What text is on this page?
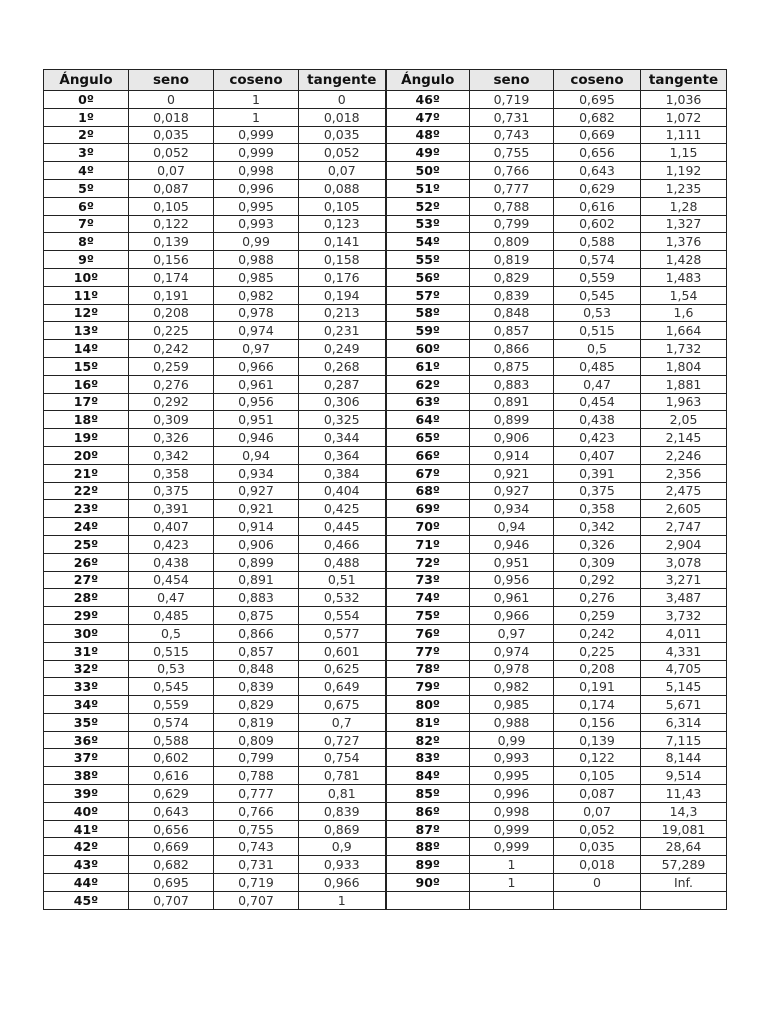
Ángulo	seno	coseno	tangente	Ángulo	seno	coseno	tangente
0º	0	1	0	46º	0,719	0,695	1,036
1º	0,018	1	0,018	47º	0,731	0,682	1,072
2º	0,035	0,999	0,035	48º	0,743	0,669	1,111
3º	0,052	0,999	0,052	49º	0,755	0,656	1,15
4º	0,07	0,998	0,07	50º	0,766	0,643	1,192
5º	0,087	0,996	0,088	51º	0,777	0,629	1,235
6º	0,105	0,995	0,105	52º	0,788	0,616	1,28
7º	0,122	0,993	0,123	53º	0,799	0,602	1,327
8º	0,139	0,99	0,141	54º	0,809	0,588	1,376
9º	0,156	0,988	0,158	55º	0,819	0,574	1,428
10º	0,174	0,985	0,176	56º	0,829	0,559	1,483
11º	0,191	0,982	0,194	57º	0,839	0,545	1,54
12º	0,208	0,978	0,213	58º	0,848	0,53	1,6
13º	0,225	0,974	0,231	59º	0,857	0,515	1,664
14º	0,242	0,97	0,249	60º	0,866	0,5	1,732
15º	0,259	0,966	0,268	61º	0,875	0,485	1,804
16º	0,276	0,961	0,287	62º	0,883	0,47	1,881
17º	0,292	0,956	0,306	63º	0,891	0,454	1,963
18º	0,309	0,951	0,325	64º	0,899	0,438	2,05
19º	0,326	0,946	0,344	65º	0,906	0,423	2,145
20º	0,342	0,94	0,364	66º	0,914	0,407	2,246
21º	0,358	0,934	0,384	67º	0,921	0,391	2,356
22º	0,375	0,927	0,404	68º	0,927	0,375	2,475
23º	0,391	0,921	0,425	69º	0,934	0,358	2,605
24º	0,407	0,914	0,445	70º	0,94	0,342	2,747
25º	0,423	0,906	0,466	71º	0,946	0,326	2,904
26º	0,438	0,899	0,488	72º	0,951	0,309	3,078
27º	0,454	0,891	0,51	73º	0,956	0,292	3,271
28º	0,47	0,883	0,532	74º	0,961	0,276	3,487
29º	0,485	0,875	0,554	75º	0,966	0,259	3,732
30º	0,5	0,866	0,577	76º	0,97	0,242	4,011
31º	0,515	0,857	0,601	77º	0,974	0,225	4,331
32º	0,53	0,848	0,625	78º	0,978	0,208	4,705
33º	0,545	0,839	0,649	79º	0,982	0,191	5,145
34º	0,559	0,829	0,675	80º	0,985	0,174	5,671
35º	0,574	0,819	0,7	81º	0,988	0,156	6,314
36º	0,588	0,809	0,727	82º	0,99	0,139	7,115
37º	0,602	0,799	0,754	83º	0,993	0,122	8,144
38º	0,616	0,788	0,781	84º	0,995	0,105	9,514
39º	0,629	0,777	0,81	85º	0,996	0,087	11,43
40º	0,643	0,766	0,839	86º	0,998	0,07	14,3
41º	0,656	0,755	0,869	87º	0,999	0,052	19,081
42º	0,669	0,743	0,9	88º	0,999	0,035	28,64
43º	0,682	0,731	0,933	89º	1	0,018	57,289
44º	0,695	0,719	0,966	90º	1	0	Inf.
45º	0,707	0,707	1				
